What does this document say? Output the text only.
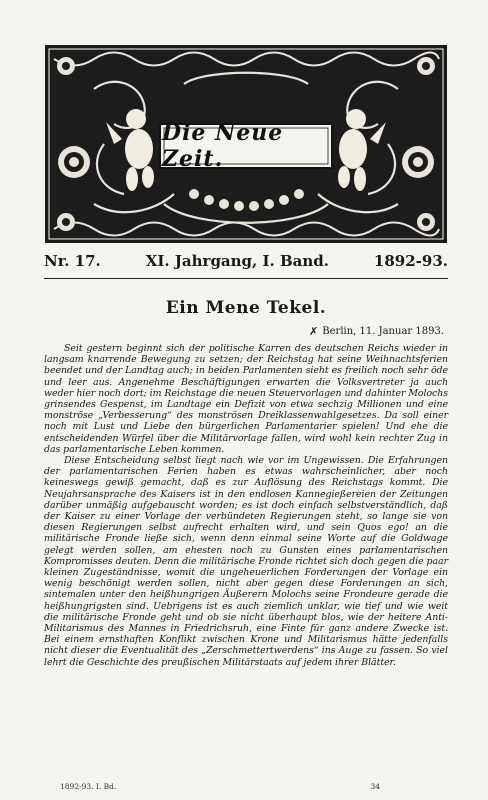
Die Neue Zeit.
Nr. 17.	XI. Jahrgang, I. Band.	1892-93.
Ein Mene Tekel.
✗ Berlin, 11. Januar 1893.

Seit gestern beginnt sich der politische Karren des deutschen Reichs wieder in langsam knarrende Bewegung zu setzen; der Reichstag hat seine Weihnachtsferien beendet und der Landtag auch; in beiden Parlamenten sieht es freilich noch sehr öde und leer aus. Angenehme Beschäftigungen erwarten die Volksvertreter ja auch weder hier noch dort; im Reichstage die neuen Steuervorlagen und dahinter Molochs grinsendes Gespenst, im Landtage ein Defizit von etwa sechzig Millionen und eine monströse „Verbesserung“ des monströsen Dreiklassenwahlgesetzes. Da soll einer noch mit Lust und Liebe den bürgerlichen Parlamentarier spielen! Und ehe die entscheidenden Würfel über die Militärvorlage fallen, wird wohl kein rechter Zug in das parlamentarische Leben kommen.

Diese Entscheidung selbst liegt nach wie vor im Ungewissen. Die Erfahrungen der parlamentarischen Ferien haben es etwas wahrscheinlicher, aber noch keineswegs gewiß gemacht, daß es zur Auflösung des Reichstags kommt. Die Neujahrsansprache des Kaisers ist in den endlosen Kannegießereien der Zeitungen darüber unmäßig aufgebauscht worden; es ist doch einfach selbstverständlich, daß der Kaiser zu einer Vorlage der verbündeten Regierungen steht, so lange sie von diesen Regierungen selbst aufrecht erhalten wird, und sein Quos ego! an die militärische Fronde ließe sich, wenn denn einmal seine Worte auf die Goldwage gelegt werden sollen, am ehesten noch zu Gunsten eines parlamentarischen Kompromisses deuten. Denn die militärische Fronde richtet sich doch gegen die paar kleinen Zugeständnisse, womit die ungeheuerlichen Forderungen der Vorlage ein wenig beschönigt werden sollen, nicht aber gegen diese Forderungen an sich, sintemalen unter den heißhungrigen Äußerern Molochs seine Frondeure gerade die heißhungrigsten sind. Uebrigens ist es auch ziemlich unklar, wie tief und wie weit die militärische Fronde geht und ob sie nicht überhaupt blos, wie der heitere Anti-Militarismus des Mannes in Friedrichsruh, eine Finte für ganz andere Zwecke ist. Bei einem ernsthaften Konflikt zwischen Krone und Militarismus hätte jedenfalls nicht dieser die Eventualität des „Zerschmettertwerdens“ ins Auge zu fassen. So viel lehrt die Geschichte des preußischen Militärstaats auf jedem ihrer Blätter.

1892-93. I. Bd.	34
